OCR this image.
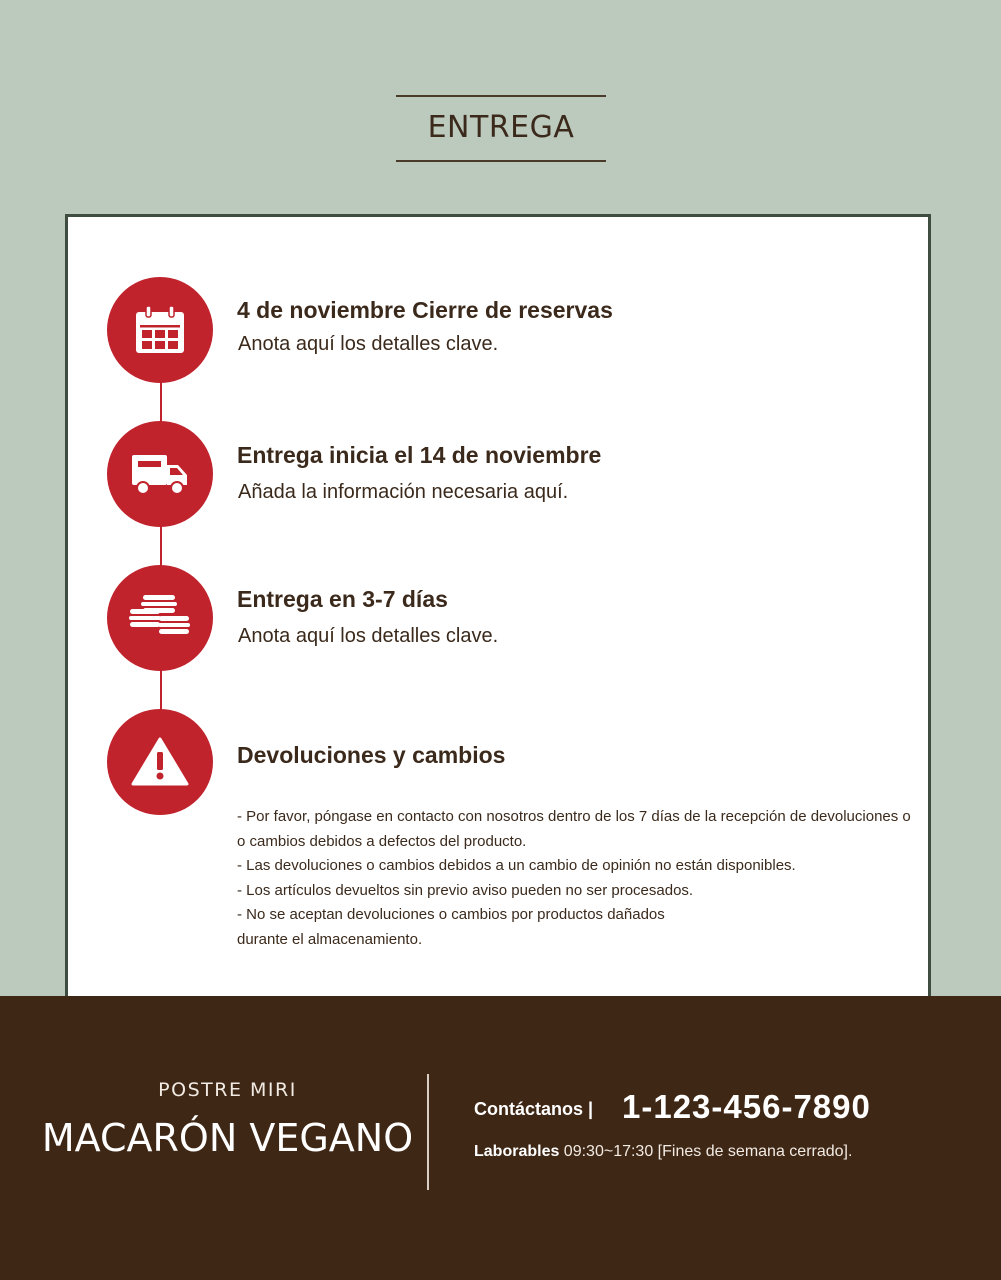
ENTREGA
4 de noviembre Cierre de reservas
Anota aquí los detalles clave.
Entrega inicia el 14 de noviembre
Añada la información necesaria aquí.
Entrega en 3-7 días
Anota aquí los detalles clave.
Devoluciones y cambios
- Por favor, póngase en contacto con nosotros dentro de los 7 días de la recepción de devoluciones o
o cambios debidos a defectos del producto.
- Las devoluciones o cambios debidos a un cambio de opinión no están disponibles.
- Los artículos devueltos sin previo aviso pueden no ser procesados.
- No se aceptan devoluciones o cambios por productos dañados
durante el almacenamiento.
POSTRE MIRI
MACARÓN VEGANO
Contáctanos | 1-123-456-7890
Laborables 09:30~17:30 [Fines de semana cerrado].
